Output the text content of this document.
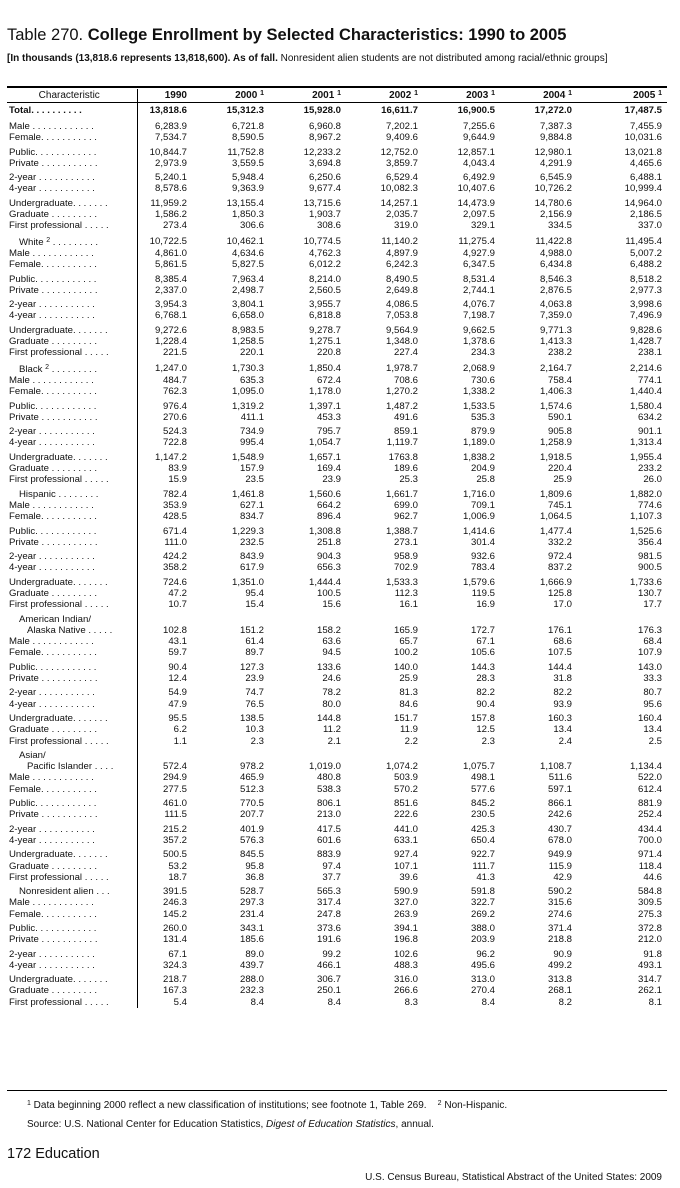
Table 270. College Enrollment by Selected Characteristics: 1990 to 2005
[In thousands (13,818.6 represents 13,818,600). As of fall. Nonresident alien students are not distributed among racial/ethnic groups]
Characteristic	1990	2000 $^1$	2001 $^1$	2002 $^1$	2003 $^1$	2004 $^1$	2005 $^1$
Total. . . . . . . . . .	13,818.6	15,312.3	15,928.0	16,611.7	16,900.5	17,272.0	17,487.5
Male . . . . . . . . . . . .	6,283.9	6,721.8	6,960.8	7,202.1	7,255.6	7,387.3	7,455.9
Female. . . . . . . . . . .	7,534.7	8,590.5	8,967.2	9,409.6	9,644.9	9,884.8	10,031.6
Public. . . . . . . . . . . .	10,844.7	11,752.8	12,233.2	12,752.0	12,857.1	12,980.1	13,021.8
Private . . . . . . . . . . .	2,973.9	3,559.5	3,694.8	3,859.7	4,043.4	4,291.9	4,465.6
2-year . . . . . . . . . . .	5,240.1	5,948.4	6,250.6	6,529.4	6,492.9	6,545.9	6,488.1
4-year . . . . . . . . . . .	8,578.6	9,363.9	9,677.4	10,082.3	10,407.6	10,726.2	10,999.4
Undergraduate. . . . . . .	11,959.2	13,155.4	13,715.6	14,257.1	14,473.9	14,780.6	14,964.0
Graduate . . . . . . . . .	1,586.2	1,850.3	1,903.7	2,035.7	2,097.5	2,156.9	2,186.5
First professional . . . . .	273.4	306.6	308.6	319.0	329.1	334.5	337.0
White $^2$ . . . . . . . . .	10,722.5	10,462.1	10,774.5	11,140.2	11,275.4	11,422.8	11,495.4
Male . . . . . . . . . . . .	4,861.0	4,634.6	4,762.3	4,897.9	4,927.9	4,988.0	5,007.2
Female. . . . . . . . . . .	5,861.5	5,827.5	6,012.2	6,242.3	6,347.5	6,434.8	6,488.2
Public. . . . . . . . . . . .	8,385.4	7,963.4	8,214.0	8,490.5	8,531.4	8,546.3	8,518.2
Private . . . . . . . . . . .	2,337.0	2,498.7	2,560.5	2,649.8	2,744.1	2,876.5	2,977.3
2-year . . . . . . . . . . .	3,954.3	3,804.1	3,955.7	4,086.5	4,076.7	4,063.8	3,998.6
4-year . . . . . . . . . . .	6,768.1	6,658.0	6,818.8	7,053.8	7,198.7	7,359.0	7,496.9
Undergraduate. . . . . . .	9,272.6	8,983.5	9,278.7	9,564.9	9,662.5	9,771.3	9,828.6
Graduate . . . . . . . . .	1,228.4	1,258.5	1,275.1	1,348.0	1,378.6	1,413.3	1,428.7
First professional . . . . .	221.5	220.1	220.8	227.4	234.3	238.2	238.1
Black $^2$ . . . . . . . . .	1,247.0	1,730.3	1,850.4	1,978.7	2,068.9	2,164.7	2,214.6
Male . . . . . . . . . . . .	484.7	635.3	672.4	708.6	730.6	758.4	774.1
Female. . . . . . . . . . .	762.3	1,095.0	1,178.0	1,270.2	1,338.2	1,406.3	1,440.4
Public. . . . . . . . . . . .	976.4	1,319.2	1,397.1	1,487.2	1,533.5	1,574.6	1,580.4
Private . . . . . . . . . . .	270.6	411.1	453.3	491.6	535.3	590.1	634.2
2-year . . . . . . . . . . .	524.3	734.9	795.7	859.1	879.9	905.8	901.1
4-year . . . . . . . . . . .	722.8	995.4	1,054.7	1,119.7	1,189.0	1,258.9	1,313.4
Undergraduate. . . . . . .	1,147.2	1,548.9	1,657.1	1763.8	1,838.2	1,918.5	1,955.4
Graduate . . . . . . . . .	83.9	157.9	169.4	189.6	204.9	220.4	233.2
First professional . . . . .	15.9	23.5	23.9	25.3	25.8	25.9	26.0
Hispanic . . . . . . . .	782.4	1,461.8	1,560.6	1,661.7	1,716.0	1,809.6	1,882.0
Male . . . . . . . . . . . .	353.9	627.1	664.2	699.0	709.1	745.1	774.6
Female. . . . . . . . . . .	428.5	834.7	896.4	962.7	1,006.9	1,064.5	1,107.3
Public. . . . . . . . . . . .	671.4	1,229.3	1,308.8	1,388.7	1,414.6	1,477.4	1,525.6
Private . . . . . . . . . . .	111.0	232.5	251.8	273.1	301.4	332.2	356.4
2-year . . . . . . . . . . .	424.2	843.9	904.3	958.9	932.6	972.4	981.5
4-year . . . . . . . . . . .	358.2	617.9	656.3	702.9	783.4	837.2	900.5
Undergraduate. . . . . . .	724.6	1,351.0	1,444.4	1,533.3	1,579.6	1,666.9	1,733.6
Graduate . . . . . . . . .	47.2	95.4	100.5	112.3	119.5	125.8	130.7
First professional . . . . .	10.7	15.4	15.6	16.1	16.9	17.0	17.7
American Indian/							
Alaska Native . . . . .	102.8	151.2	158.2	165.9	172.7	176.1	176.3
Male . . . . . . . . . . . .	43.1	61.4	63.6	65.7	67.1	68.6	68.4
Female. . . . . . . . . . .	59.7	89.7	94.5	100.2	105.6	107.5	107.9
Public. . . . . . . . . . . .	90.4	127.3	133.6	140.0	144.3	144.4	143.0
Private . . . . . . . . . . .	12.4	23.9	24.6	25.9	28.3	31.8	33.3
2-year . . . . . . . . . . .	54.9	74.7	78.2	81.3	82.2	82.2	80.7
4-year . . . . . . . . . . .	47.9	76.5	80.0	84.6	90.4	93.9	95.6
Undergraduate. . . . . . .	95.5	138.5	144.8	151.7	157.8	160.3	160.4
Graduate . . . . . . . . .	6.2	10.3	11.2	11.9	12.5	13.4	13.4
First professional . . . . .	1.1	2.3	2.1	2.2	2.3	2.4	2.5
Asian/							
Pacific Islander . . . .	572.4	978.2	1,019.0	1,074.2	1,075.7	1,108.7	1,134.4
Male . . . . . . . . . . . .	294.9	465.9	480.8	503.9	498.1	511.6	522.0
Female. . . . . . . . . . .	277.5	512.3	538.3	570.2	577.6	597.1	612.4
Public. . . . . . . . . . . .	461.0	770.5	806.1	851.6	845.2	866.1	881.9
Private . . . . . . . . . . .	111.5	207.7	213.0	222.6	230.5	242.6	252.4
2-year . . . . . . . . . . .	215.2	401.9	417.5	441.0	425.3	430.7	434.4
4-year . . . . . . . . . . .	357.2	576.3	601.6	633.1	650.4	678.0	700.0
Undergraduate. . . . . . .	500.5	845.5	883.9	927.4	922.7	949.9	971.4
Graduate . . . . . . . . .	53.2	95.8	97.4	107.1	111.7	115.9	118.4
First professional . . . . .	18.7	36.8	37.7	39.6	41.3	42.9	44.6
Nonresident alien . . .	391.5	528.7	565.3	590.9	591.8	590.2	584.8
Male . . . . . . . . . . . .	246.3	297.3	317.4	327.0	322.7	315.6	309.5
Female. . . . . . . . . . .	145.2	231.4	247.8	263.9	269.2	274.6	275.3
Public. . . . . . . . . . . .	260.0	343.1	373.6	394.1	388.0	371.4	372.8
Private . . . . . . . . . . .	131.4	185.6	191.6	196.8	203.9	218.8	212.0
2-year . . . . . . . . . . .	67.1	89.0	99.2	102.6	96.2	90.9	91.8
4-year . . . . . . . . . . .	324.3	439.7	466.1	488.3	495.6	499.2	493.1
Undergraduate. . . . . . .	218.7	288.0	306.7	316.0	313.0	313.8	314.7
Graduate . . . . . . . . .	167.3	232.3	250.1	266.6	270.4	268.1	262.1
First professional . . . . .	5.4	8.4	8.4	8.3	8.4	8.2	8.1

$^1$ Data beginning 2000 reflect a new classification of institutions; see footnote 1, Table 269. $^2$ Non-Hispanic.

Source: U.S. National Center for Education Statistics, Digest of Education Statistics, annual.

172 Education
U.S. Census Bureau, Statistical Abstract of the United States: 2009
